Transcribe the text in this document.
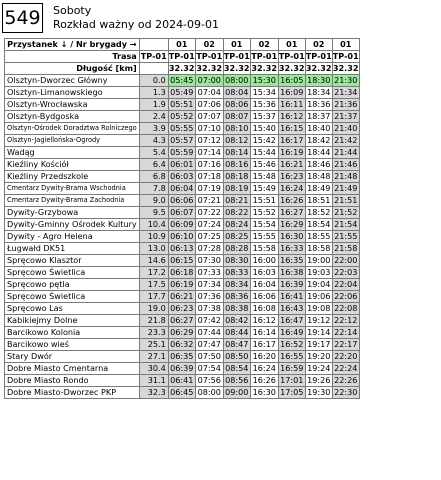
549 Soboty
Rozkład ważny od 2024-09-01
Przystanek ↓ / Nr brygady →		01	02	01	02	01	02	01
Trasa	TP-01	TP-01	TP-01	TP-01	TP-01	TP-01	TP-01	TP-01
Długość [km]		32.32	32.32	32.32	32.32	32.32	32.32	32.32
Olsztyn-Dworzec Główny	0.0	05:45	07:00	08:00	15:30	16:05	18:30	21:30
Olsztyn-Limanowskiego	1.3	05:49	07:04	08:04	15:34	16:09	18:34	21:34
Olsztyn-Wrocławska	1.9	05:51	07:06	08:06	15:36	16:11	18:36	21:36
Olsztyn-Bydgoska	2.4	05:52	07:07	08:07	15:37	16:12	18:37	21:37
Olsztyn-Ośrodek Doradztwa Rolniczego	3.9	05:55	07:10	08:10	15:40	16:15	18:40	21:40
Olsztyn-Jagiellońska-Ogrody	4.3	05:57	07:12	08:12	15:42	16:17	18:42	21:42
Wadąg	5.4	05:59	07:14	08:14	15:44	16:19	18:44	21:44
Kieźliny Kościół	6.4	06:01	07:16	08:16	15:46	16:21	18:46	21:46
Kieźliny Przedszkole	6.8	06:03	07:18	08:18	15:48	16:23	18:48	21:48
Cmentarz Dywity-Brama Wschodnia	7.8	06:04	07:19	08:19	15:49	16:24	18:49	21:49
Cmentarz Dywity-Brama Zachodnia	9.0	06:06	07:21	08:21	15:51	16:26	18:51	21:51
Dywity-Grzybowa	9.5	06:07	07:22	08:22	15:52	16:27	18:52	21:52
Dywity-Gminny Ośrodek Kultury	10.4	06:09	07:24	08:24	15:54	16:29	18:54	21:54
Dywity - Agro Helena	10.9	06:10	07:25	08:25	15:55	16:30	18:55	21:55
Ługwałd DK51	13.0	06:13	07:28	08:28	15:58	16:33	18:58	21:58
Spręcowo Klasztor	14.6	06:15	07:30	08:30	16:00	16:35	19:00	22:00
Spręcowo Świetlica	17.2	06:18	07:33	08:33	16:03	16:38	19:03	22:03
Spręcowo pętla	17.5	06:19	07:34	08:34	16:04	16:39	19:04	22:04
Spręcowo Świetlica	17.7	06:21	07:36	08:36	16:06	16:41	19:06	22:06
Spręcowo Las	19.0	06:23	07:38	08:38	16:08	16:43	19:08	22:08
Kabikiejmy Dolne	21.8	06:27	07:42	08:42	16:12	16:47	19:12	22:12
Barcikowo Kolonia	23.3	06:29	07:44	08:44	16:14	16:49	19:14	22:14
Barcikowo wieś	25.1	06:32	07:47	08:47	16:17	16:52	19:17	22:17
Stary Dwór	27.1	06:35	07:50	08:50	16:20	16:55	19:20	22:20
Dobre Miasto Cmentarna	30.4	06:39	07:54	08:54	16:24	16:59	19:24	22:24
Dobre Miasto Rondo	31.1	06:41	07:56	08:56	16:26	17:01	19:26	22:26
Dobre Miasto-Dworzec PKP	32.3	06:45	08:00	09:00	16:30	17:05	19:30	22:30
